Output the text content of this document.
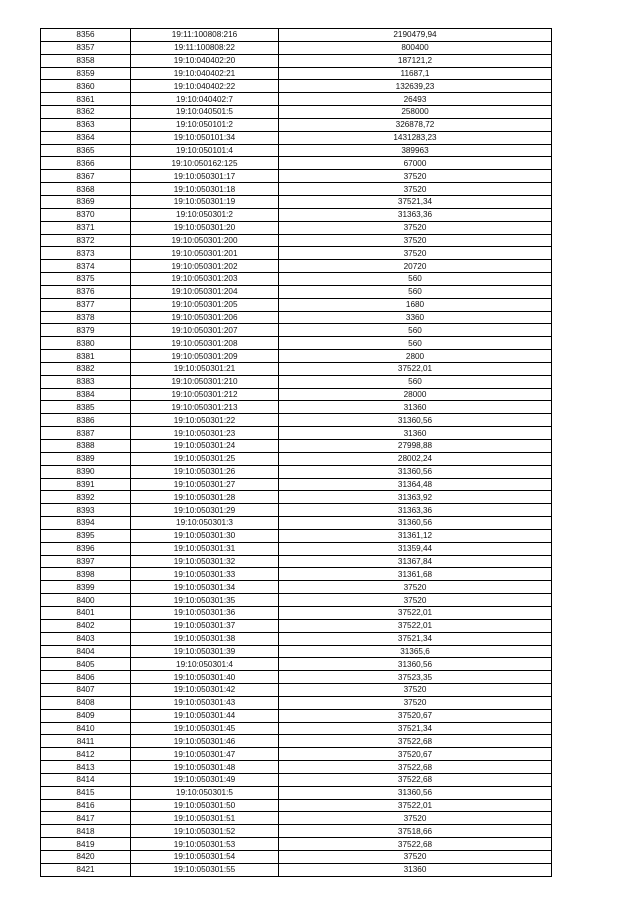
8356	19:11:100808:216	2190479,94
8357	19:11:100808:22	800400
8358	19:10:040402:20	187121,2
8359	19:10:040402:21	11687,1
8360	19:10:040402:22	132639,23
8361	19:10:040402:7	26493
8362	19:10:040501:5	258000
8363	19:10:050101:2	326878,72
8364	19:10:050101:34	1431283,23
8365	19:10:050101:4	389963
8366	19:10:050162:125	67000
8367	19:10:050301:17	37520
8368	19:10:050301:18	37520
8369	19:10:050301:19	37521,34
8370	19:10:050301:2	31363,36
8371	19:10:050301:20	37520
8372	19:10:050301:200	37520
8373	19:10:050301:201	37520
8374	19:10:050301:202	20720
8375	19:10:050301:203	560
8376	19:10:050301:204	560
8377	19:10:050301:205	1680
8378	19:10:050301:206	3360
8379	19:10:050301:207	560
8380	19:10:050301:208	560
8381	19:10:050301:209	2800
8382	19:10:050301:21	37522,01
8383	19:10:050301:210	560
8384	19:10:050301:212	28000
8385	19:10:050301:213	31360
8386	19:10:050301:22	31360,56
8387	19:10:050301:23	31360
8388	19:10:050301:24	27998,88
8389	19:10:050301:25	28002,24
8390	19:10:050301:26	31360,56
8391	19:10:050301:27	31364,48
8392	19:10:050301:28	31363,92
8393	19:10:050301:29	31363,36
8394	19:10:050301:3	31360,56
8395	19:10:050301:30	31361,12
8396	19:10:050301:31	31359,44
8397	19:10:050301:32	31367,84
8398	19:10:050301:33	31361,68
8399	19:10:050301:34	37520
8400	19:10:050301:35	37520
8401	19:10:050301:36	37522,01
8402	19:10:050301:37	37522,01
8403	19:10:050301:38	37521,34
8404	19:10:050301:39	31365,6
8405	19:10:050301:4	31360,56
8406	19:10:050301:40	37523,35
8407	19:10:050301:42	37520
8408	19:10:050301:43	37520
8409	19:10:050301:44	37520,67
8410	19:10:050301:45	37521,34
8411	19:10:050301:46	37522,68
8412	19:10:050301:47	37520,67
8413	19:10:050301:48	37522,68
8414	19:10:050301:49	37522,68
8415	19:10:050301:5	31360,56
8416	19:10:050301:50	37522,01
8417	19:10:050301:51	37520
8418	19:10:050301:52	37518,66
8419	19:10:050301:53	37522,68
8420	19:10:050301:54	37520
8421	19:10:050301:55	31360
